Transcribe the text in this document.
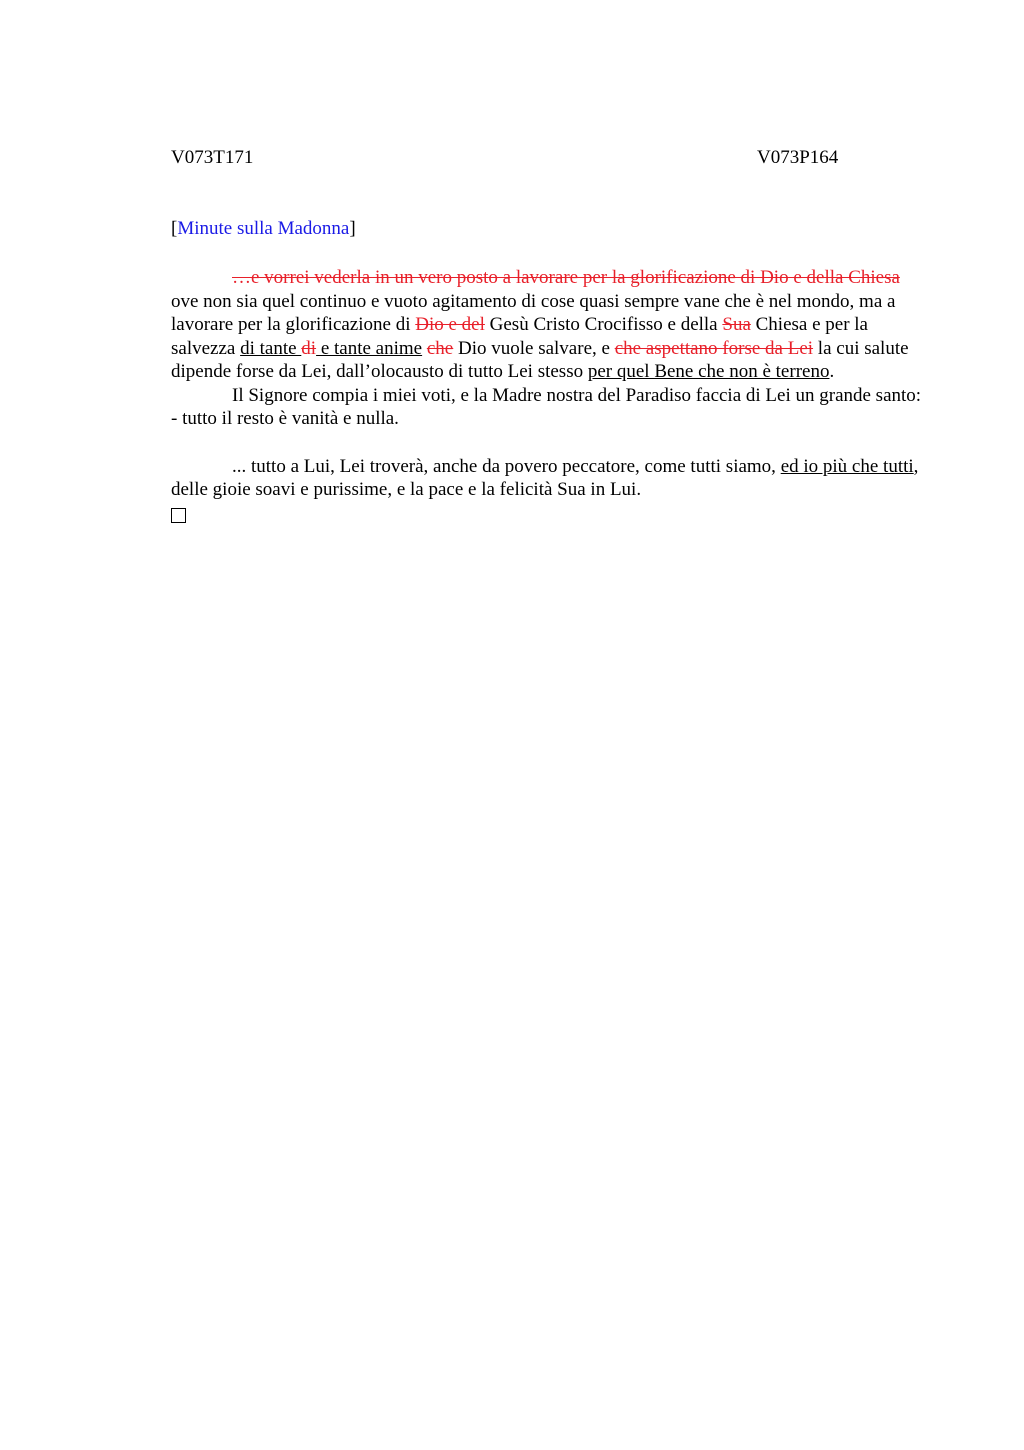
V073T171	V073P164
[Minute sulla Madonna]

…e vorrei vederla in un vero posto a lavorare per la glorificazione di Dio e della Chiesa ove non sia quel continuo e vuoto agitamento di cose quasi sempre vane che è nel mondo, ma a lavorare per la glorificazione di Dio e del Gesù Cristo Crocifisso e della Sua Chiesa e per la salvezza di tante di e tante anime che Dio vuole salvare, e che aspettano forse da Lei la cui salute dipende forse da Lei, dall’olocausto di tutto Lei stesso per quel Bene che non è terreno.

Il Signore compia i miei voti, e la Madre nostra del Paradiso faccia di Lei un grande santo: - tutto il resto è vanità e nulla.

... tutto a Lui, Lei troverà, anche da povero peccatore, come tutti siamo, ed io più che tutti, delle gioie soavi e purissime, e la pace e la felicità Sua in Lui.
